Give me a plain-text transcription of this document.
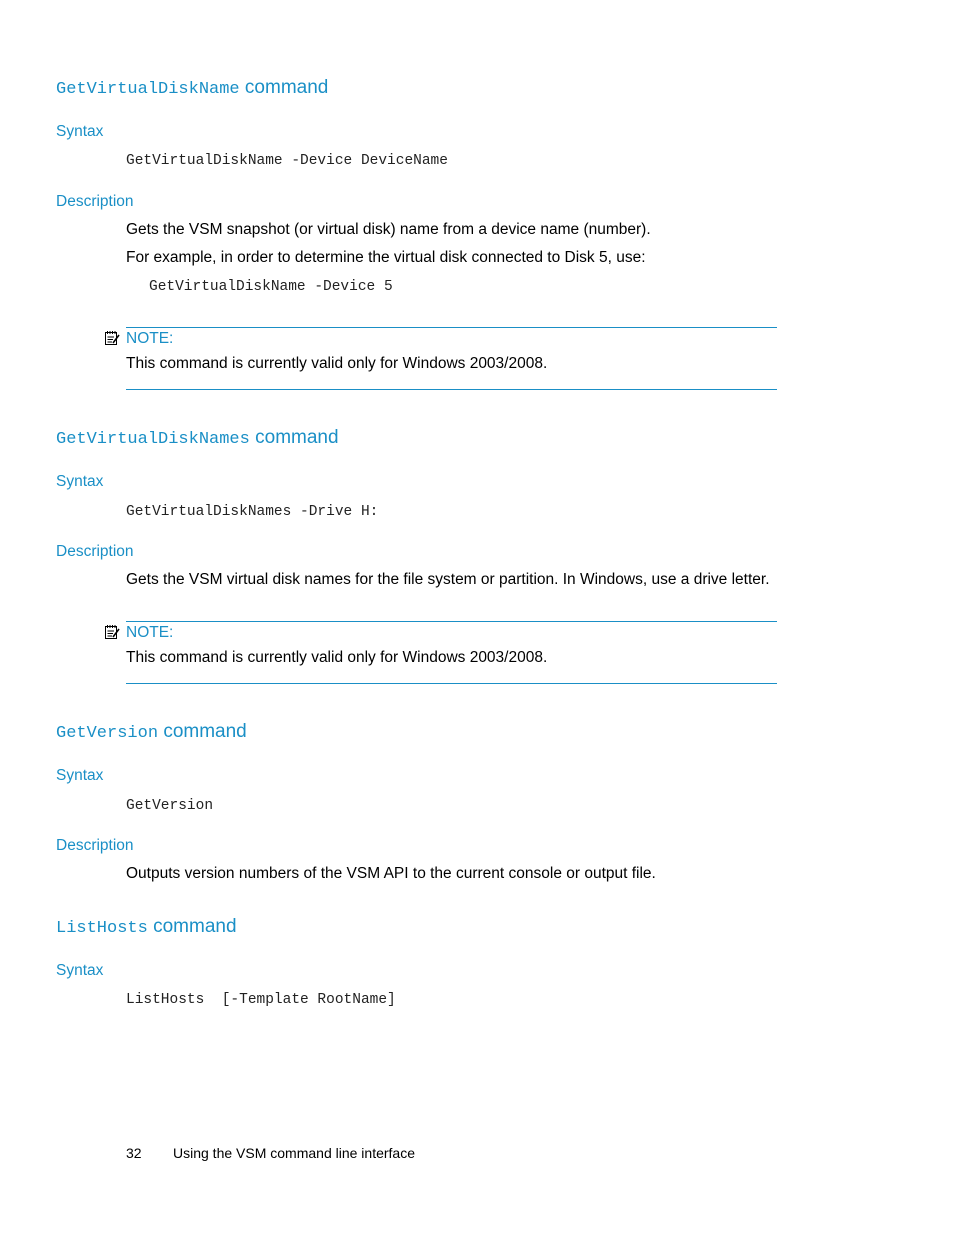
GetVirtualDiskName command
Syntax
GetVirtualDiskName -Device DeviceName
Description
Gets the VSM snapshot (or virtual disk) name from a device name (number).
For example, in order to determine the virtual disk connected to Disk 5, use:
GetVirtualDiskName -Device 5
NOTE:
This command is currently valid only for Windows 2003/2008.
GetVirtualDiskNames command
Syntax
GetVirtualDiskNames -Drive H:
Description
Gets the VSM virtual disk names for the file system or partition. In Windows, use a drive letter.
NOTE:
This command is currently valid only for Windows 2003/2008.
GetVersion command
Syntax
GetVersion
Description
Outputs version numbers of the VSM API to the current console or output file.
ListHosts command
Syntax
ListHosts  [-Template RootName]
32 Using the VSM command line interface
